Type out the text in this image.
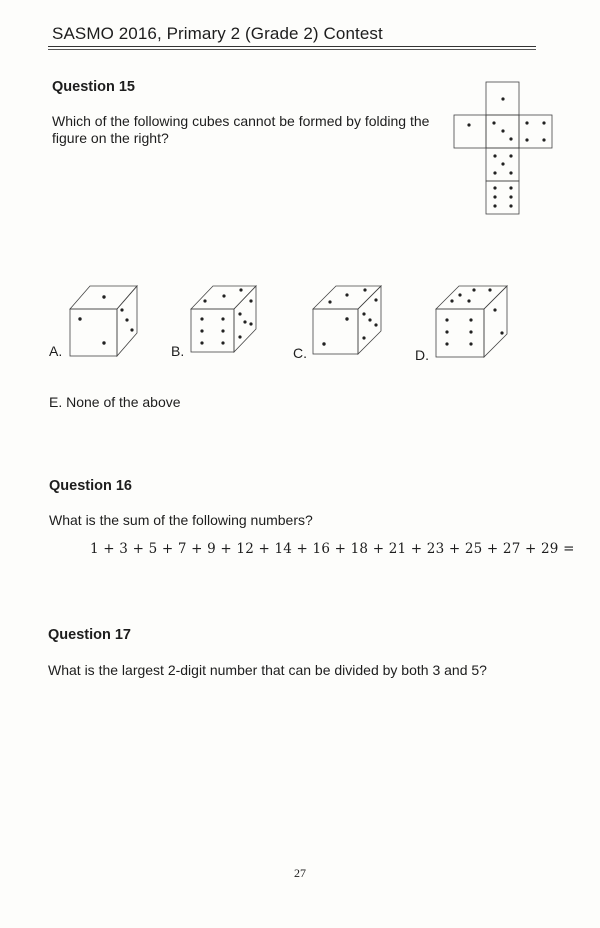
SASMO 2016, Primary 2 (Grade 2) Contest
Question 15
Which of the following cubes cannot be formed by folding the
figure on the right?
A.	B.	C.	D.
E. None of the above
Question 16
What is the sum of the following numbers?
1 + 3 + 5 + 7 + 9 + 12 + 14 + 16 + 18 + 21 + 23 + 25 + 27 + 29 =
Question 17
What is the largest 2-digit number that can be divided by both 3 and 5?
27
